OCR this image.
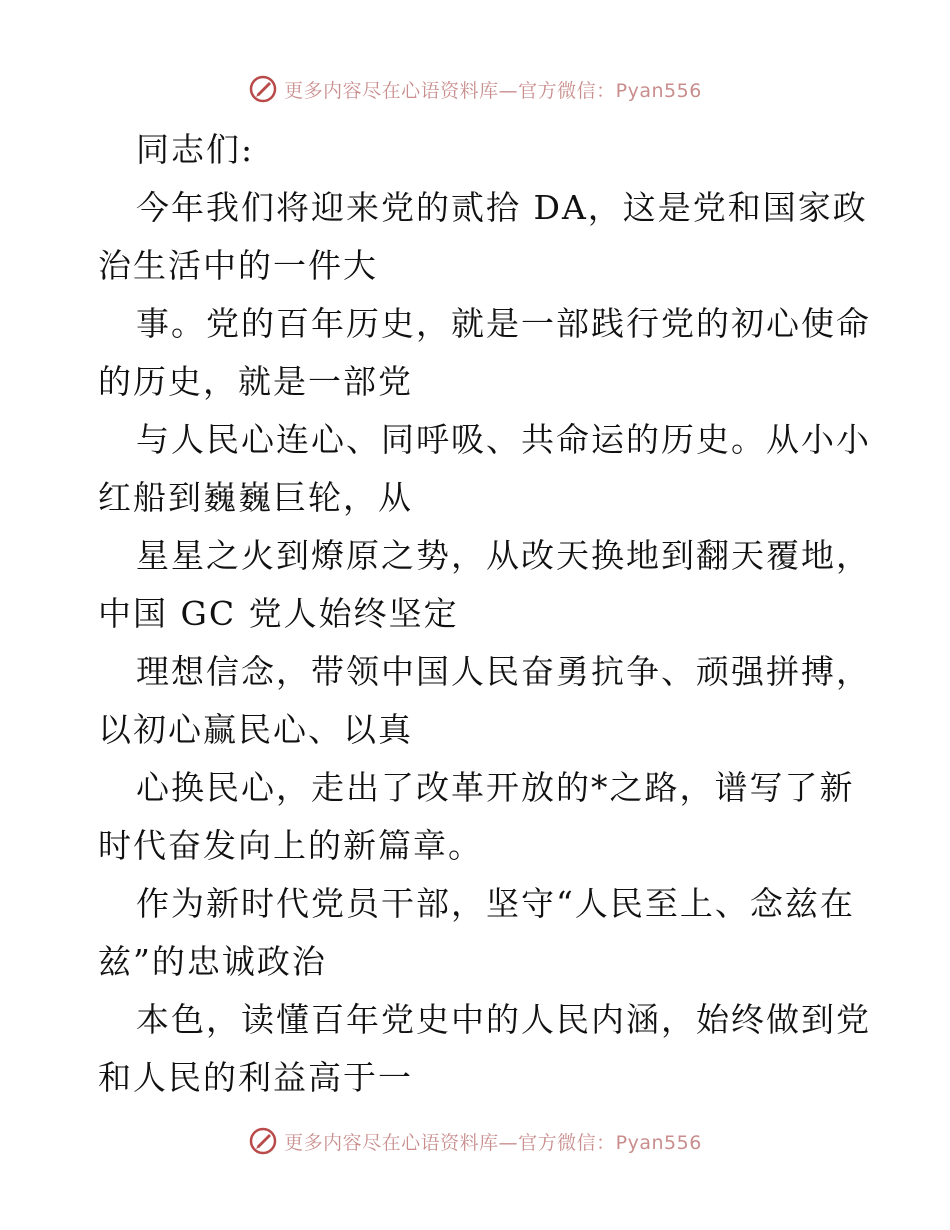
更多内容尽在心语资料库—官方微信：Pyan556
同志们:
今年我们将迎来党的贰拾 DA，这是党和国家政
治生活中的一件大
事。党的百年历史，就是一部践行党的初心使命
的历史，就是一部党
与人民心连心、同呼吸、共命运的历史。从小小
红船到巍巍巨轮，从
星星之火到燎原之势，从改天换地到翻天覆地，
中国 GC 党人始终坚定
理想信念，带领中国人民奋勇抗争、顽强拼搏，
以初心赢民心、以真
心换民心，走出了改革开放的*之路，谱写了新
时代奋发向上的新篇章。
作为新时代党员干部，坚守“人民至上、念兹在
兹”的忠诚政治
本色，读懂百年党史中的人民内涵，始终做到党
和人民的利益高于一
更多内容尽在心语资料库—官方微信：Pyan556
